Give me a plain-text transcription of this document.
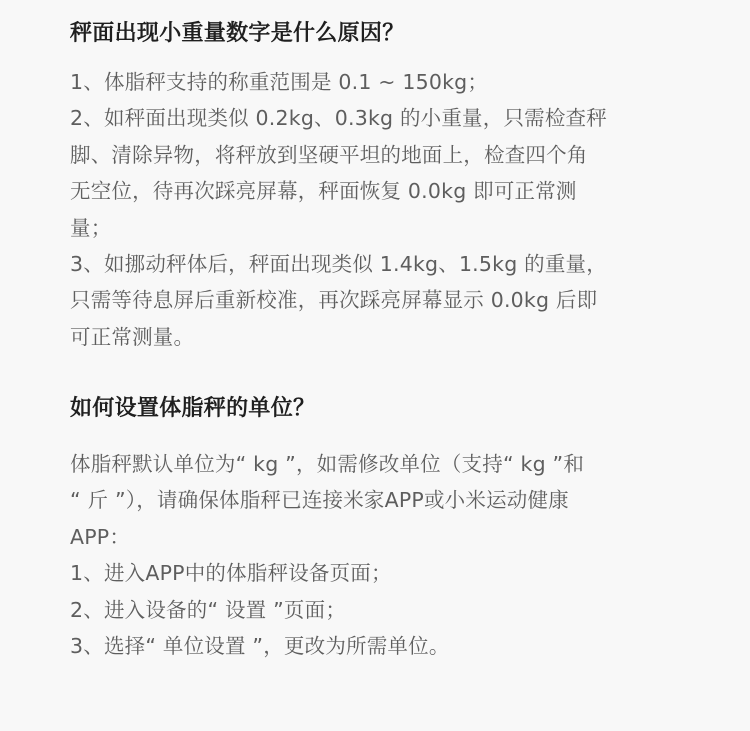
秤面出现小重量数字是什么原因？

1、体脂秤支持的称重范围是 0.1 ~ 150kg；

2、如秤面出现类似 0.2kg、0.3kg 的小重量，只需检查秤

脚、清除异物，将秤放到坚硬平坦的地面上，检查四个角

无空位，待再次踩亮屏幕，秤面恢复 0.0kg 即可正常测

量；

3、如挪动秤体后，秤面出现类似 1.4kg、1.5kg 的重量，

只需等待息屏后重新校准，再次踩亮屏幕显示 0.0kg 后即

可正常测量。

如何设置体脂秤的单位？

体脂秤默认单位为“ kg ”，如需修改单位（支持“ kg ”和

“ 斤 ”），请确保体脂秤已连接米家APP或小米运动健康

APP：

1、进入APP中的体脂秤设备页面；

2、进入设备的“ 设置 ”页面；

3、选择“ 单位设置 ”，更改为所需单位。
